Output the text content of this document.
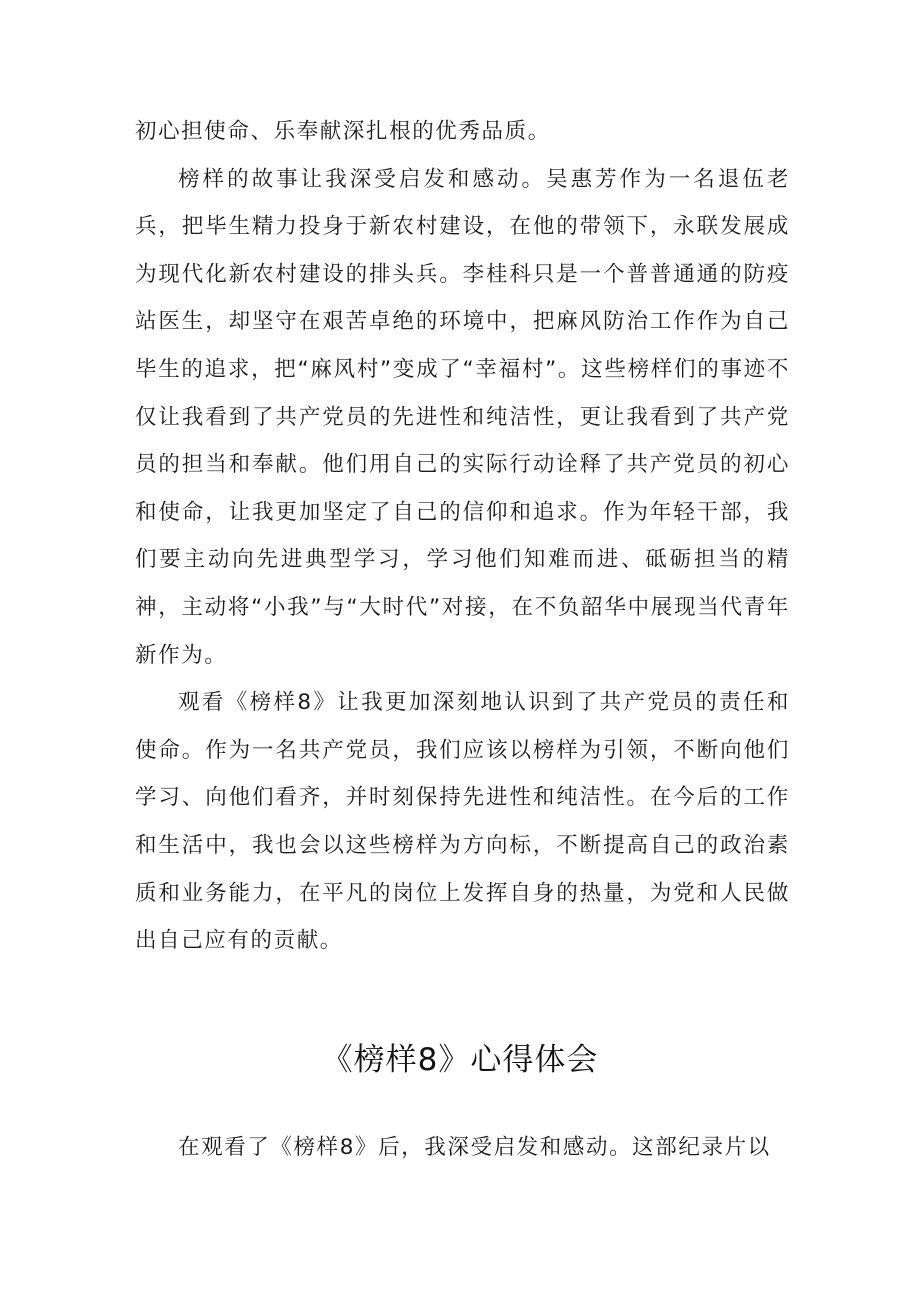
初心担使命、乐奉献深扎根的优秀品质。

榜样的故事让我深受启发和感动。吴惠芳作为一名退伍老兵，把毕生精力投身于新农村建设，在他的带领下，永联发展成为现代化新农村建设的排头兵。李桂科只是一个普普通通的防疫站医生，却坚守在艰苦卓绝的环境中，把麻风防治工作作为自己毕生的追求，把“麻风村”变成了“幸福村”。这些榜样们的事迹不仅让我看到了共产党员的先进性和纯洁性，更让我看到了共产党员的担当和奉献。他们用自己的实际行动诠释了共产党员的初心和使命，让我更加坚定了自己的信仰和追求。作为年轻干部，我们要主动向先进典型学习，学习他们知难而进、砥砺担当的精神，主动将“小我”与“大时代”对接，在不负韶华中展现当代青年新作为。

观看《榜样8》让我更加深刻地认识到了共产党员的责任和使命。作为一名共产党员，我们应该以榜样为引领，不断向他们学习、向他们看齐，并时刻保持先进性和纯洁性。在今后的工作和生活中，我也会以这些榜样为方向标，不断提高自己的政治素质和业务能力，在平凡的岗位上发挥自身的热量，为党和人民做出自己应有的贡献。

《榜样8》心得体会

在观看了《榜样8》后，我深受启发和感动。这部纪录片以
